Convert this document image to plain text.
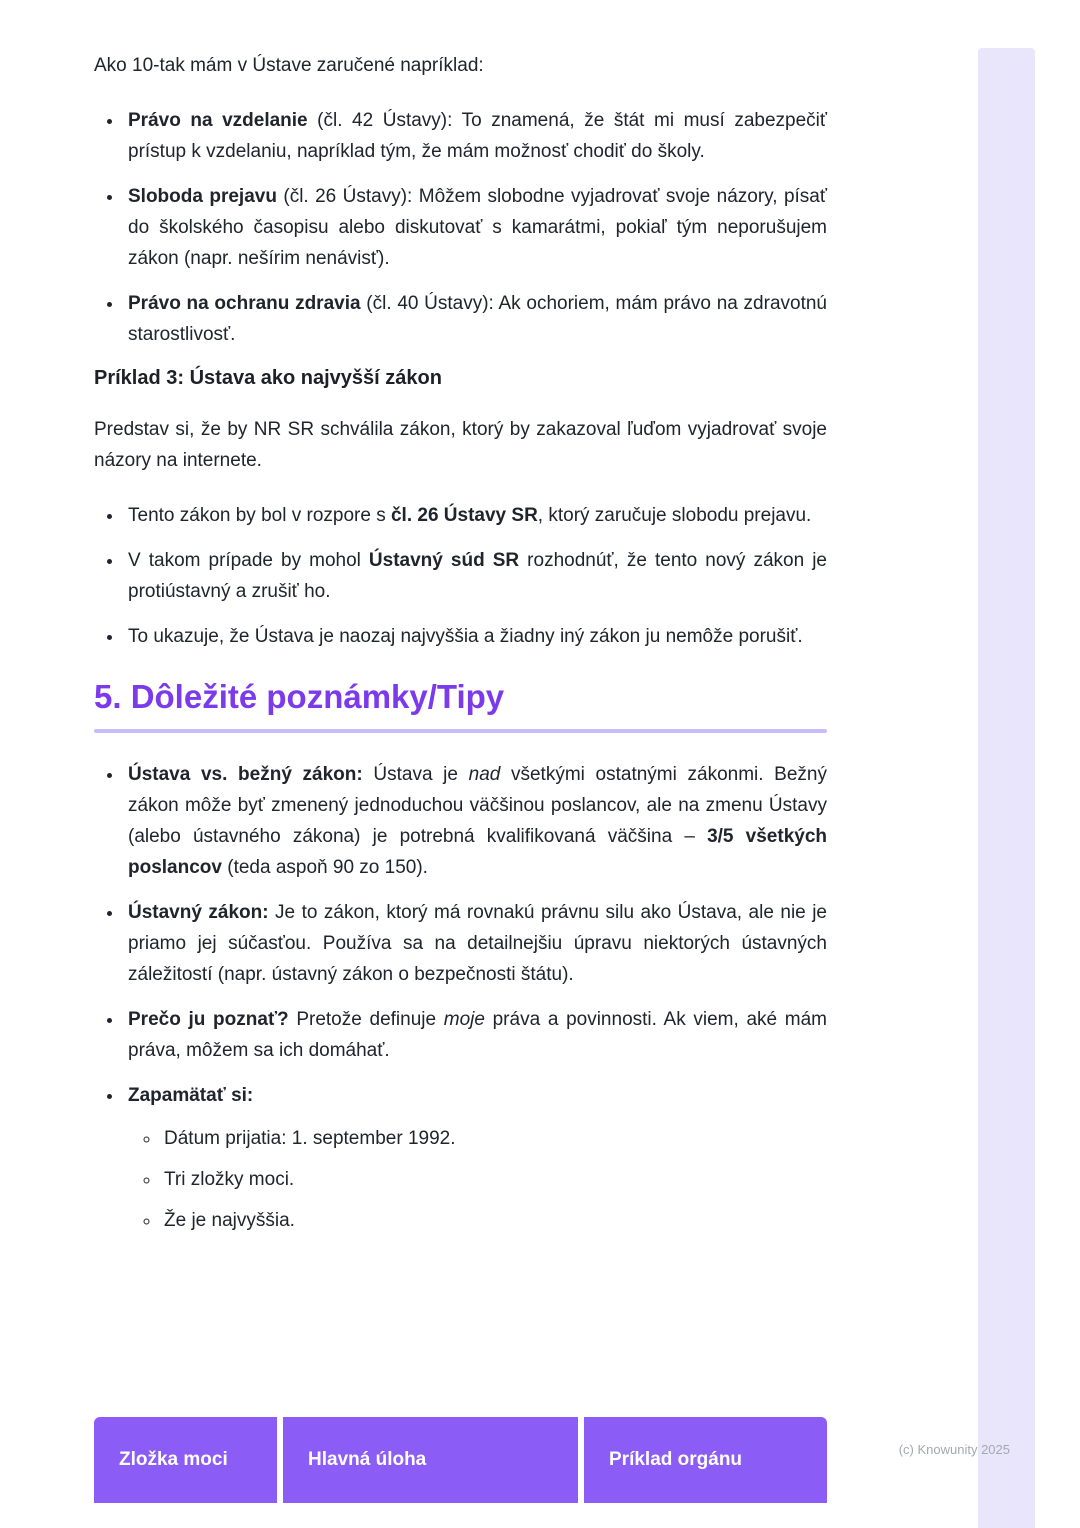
Ako 10-tak mám v Ústave zaručené napríklad:

• Právo na vzdelanie (čl. 42 Ústavy): To znamená, že štát mi musí zabezpečiť prístup k vzdelaniu, napríklad tým, že mám možnosť chodiť do školy.
• Sloboda prejavu (čl. 26 Ústavy): Môžem slobodne vyjadrovať svoje názory, písať do školského časopisu alebo diskutovať s kamarátmi, pokiaľ tým neporušujem zákon (napr. nešírim nenávisť).
• Právo na ochranu zdravia (čl. 40 Ústavy): Ak ochoriem, mám právo na zdravotnú starostlivosť.
Príklad 3: Ústava ako najvyšší zákon

Predstav si, že by NR SR schválila zákon, ktorý by zakazoval ľuďom vyjadrovať svoje názory na internete.

• Tento zákon by bol v rozpore s čl. 26 Ústavy SR, ktorý zaručuje slobodu prejavu.
• V takom prípade by mohol Ústavný súd SR rozhodnúť, že tento nový zákon je protiústavný a zrušiť ho.
• To ukazuje, že Ústava je naozaj najvyššia a žiadny iný zákon ju nemôže porušiť.
5. Dôležité poznámky/Tipy
• Ústava vs. bežný zákon: Ústava je nad všetkými ostatnými zákonmi. Bežný zákon môže byť zmenený jednoduchou väčšinou poslancov, ale na zmenu Ústavy (alebo ústavného zákona) je potrebná kvalifikovaná väčšina – 3/5 všetkých poslancov (teda aspoň 90 zo 150).
• Ústavný zákon: Je to zákon, ktorý má rovnakú právnu silu ako Ústava, ale nie je priamo jej súčasťou. Používa sa na detailnejšiu úpravu niektorých ústavných záležitostí (napr. ústavný zákon o bezpečnosti štátu).
• Prečo ju poznať? Pretože definuje moje práva a povinnosti. Ak viem, aké mám práva, môžem sa ich domáhať.
• Zapamätať si:
◦ Dátum prijatia: 1. september 1992.
◦ Tri zložky moci.
◦ Že je najvyššia.
Zložka moci	Hlavná úloha	Príklad orgánu	(c) Knowunity 2025
